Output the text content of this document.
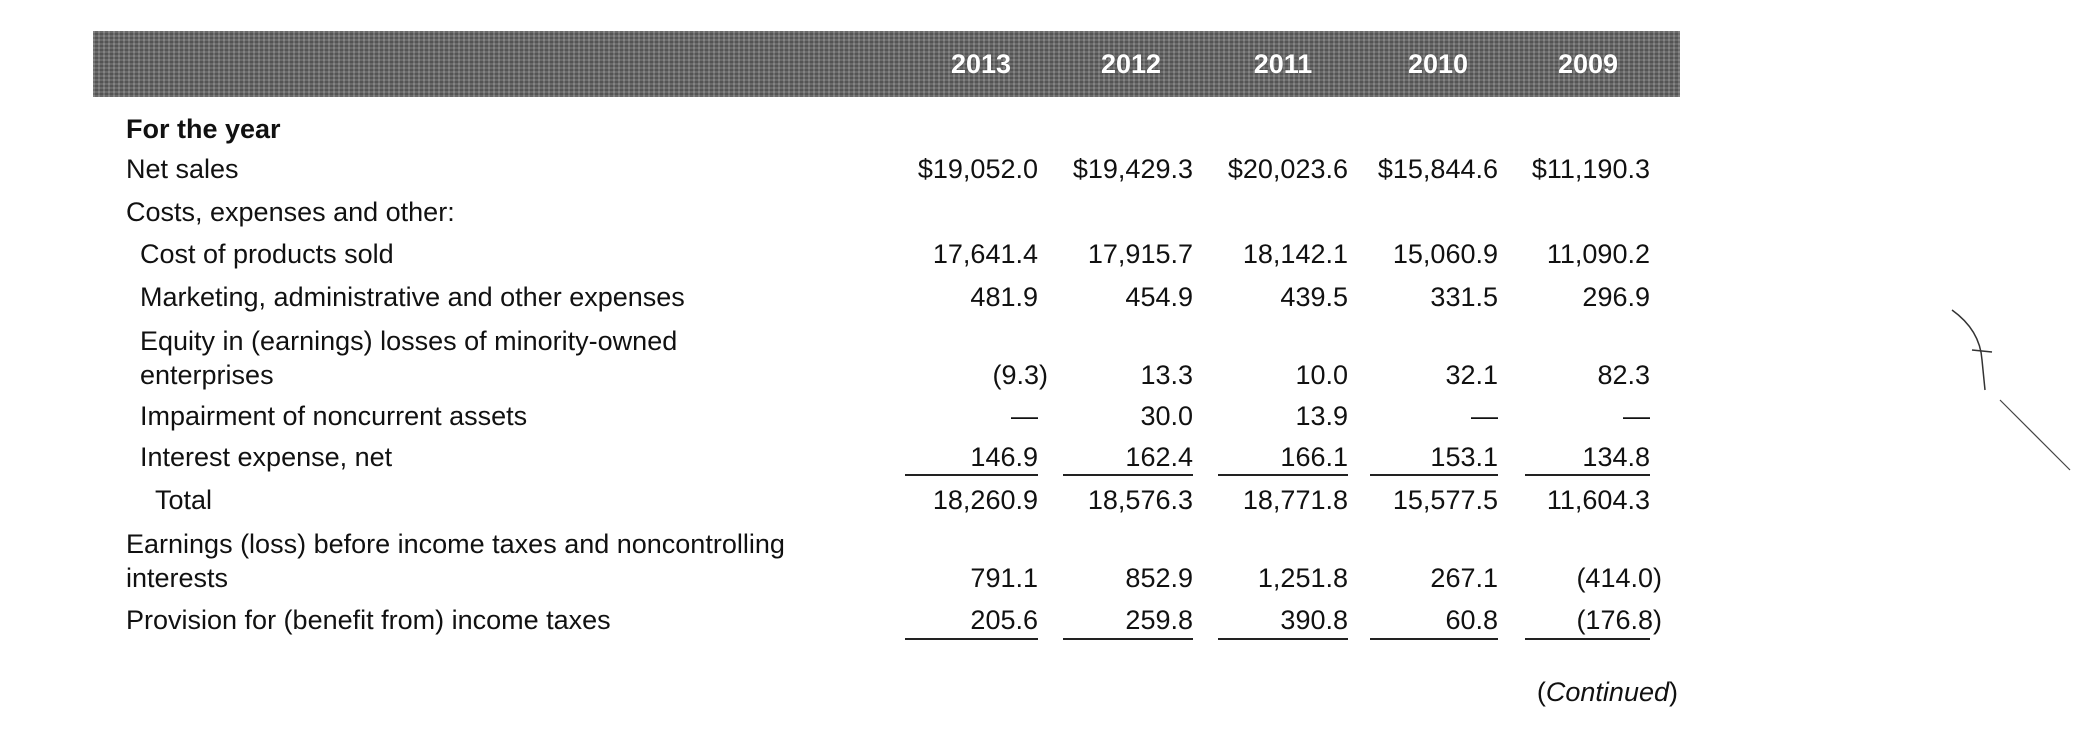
2013	2012	2011	2010	2009
For the year
Net sales	$19,052.0	$19,429.3	$20,023.6	$15,844.6	$11,190.3
Costs, expenses and other:
Cost of products sold	17,641.4	17,915.7	18,142.1	15,060.9	11,090.2
Marketing, administrative and other expenses	481.9	454.9	439.5	331.5	296.9
Equity in (earnings) losses of minority-owned
enterprises	(9.3)	13.3	10.0	32.1	82.3
Impairment of noncurrent assets	—	30.0	13.9	—	—
Interest expense, net	146.9	162.4	166.1	153.1	134.8
Total	18,260.9	18,576.3	18,771.8	15,577.5	11,604.3
Earnings (loss) before income taxes and noncontrolling
interests	791.1	852.9	1,251.8	267.1	(414.0)
Provision for (benefit from) income taxes	205.6	259.8	390.8	60.8	(176.8)
(Continued)
